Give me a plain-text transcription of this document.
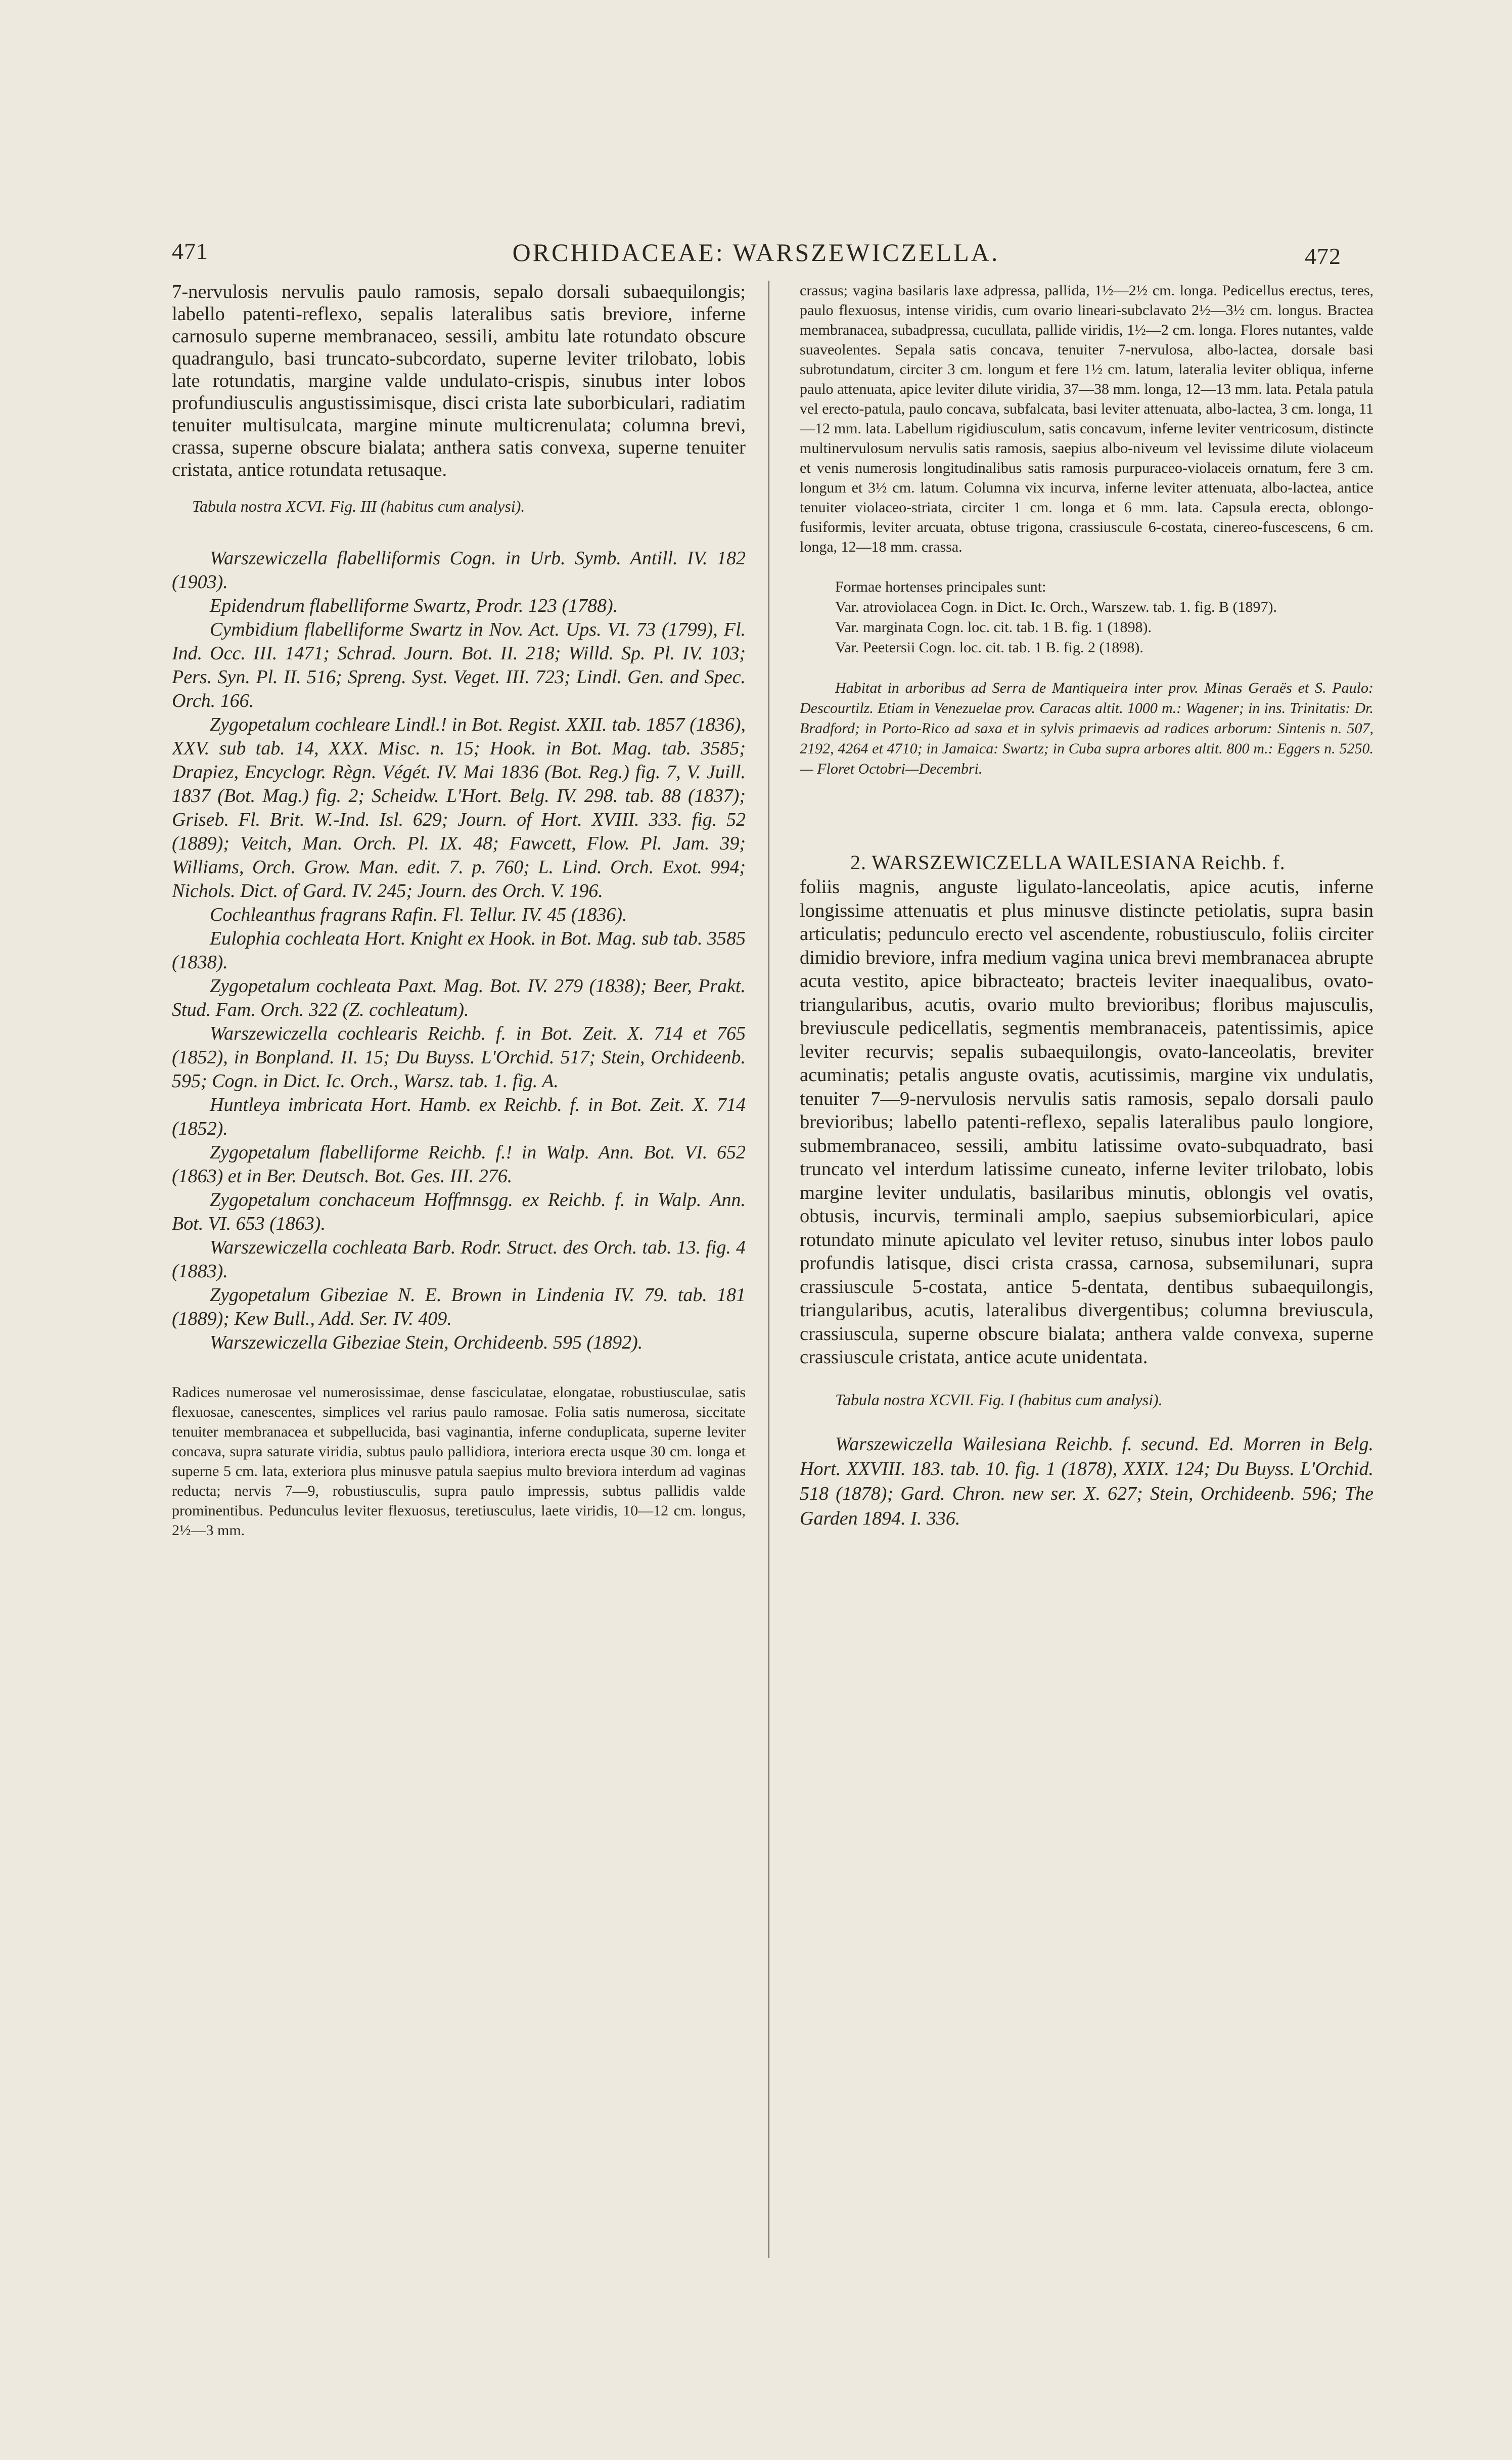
471	ORCHIDACEAE: WARSZEWICZELLA.	472

7-nervulosis nervulis paulo ramosis, sepalo dorsali subaequilongis; labello patenti-reflexo, sepalis lateralibus satis breviore, inferne carnosulo superne membranaceo, sessili, ambitu late rotundato obscure quadrangulo, basi truncato-subcordato, superne leviter trilobato, lobis late rotundatis, margine valde undulato-crispis, sinubus inter lobos profundiusculis angustissimisque, disci crista late suborbiculari, radiatim tenuiter multisulcata, margine minute multicrenulata; columna brevi, crassa, superne obscure bialata; anthera satis convexa, superne tenuiter cristata, antice rotundata retusaque.

Tabula nostra XCVI. Fig. III (habitus cum analysi).

Warszewiczella flabelliformis Cogn. in Urb. Symb. Antill. IV. 182 (1903).

Epidendrum flabelliforme Swartz, Prodr. 123 (1788).

Cymbidium flabelliforme Swartz in Nov. Act. Ups. VI. 73 (1799), Fl. Ind. Occ. III. 1471; Schrad. Journ. Bot. II. 218; Willd. Sp. Pl. IV. 103; Pers. Syn. Pl. II. 516; Spreng. Syst. Veget. III. 723; Lindl. Gen. and Spec. Orch. 166.

Zygopetalum cochleare Lindl.! in Bot. Regist. XXII. tab. 1857 (1836), XXV. sub tab. 14, XXX. Misc. n. 15; Hook. in Bot. Mag. tab. 3585; Drapiez, Encyclogr. Règn. Végét. IV. Mai 1836 (Bot. Reg.) fig. 7, V. Juill. 1837 (Bot. Mag.) fig. 2; Scheidw. L'Hort. Belg. IV. 298. tab. 88 (1837); Griseb. Fl. Brit. W.-Ind. Isl. 629; Journ. of Hort. XVIII. 333. fig. 52 (1889); Veitch, Man. Orch. Pl. IX. 48; Fawcett, Flow. Pl. Jam. 39; Williams, Orch. Grow. Man. edit. 7. p. 760; L. Lind. Orch. Exot. 994; Nichols. Dict. of Gard. IV. 245; Journ. des Orch. V. 196.

Cochleanthus fragrans Rafin. Fl. Tellur. IV. 45 (1836).

Eulophia cochleata Hort. Knight ex Hook. in Bot. Mag. sub tab. 3585 (1838).

Zygopetalum cochleata Paxt. Mag. Bot. IV. 279 (1838); Beer, Prakt. Stud. Fam. Orch. 322 (Z. cochleatum).

Warszewiczella cochlearis Reichb. f. in Bot. Zeit. X. 714 et 765 (1852), in Bonpland. II. 15; Du Buyss. L'Orchid. 517; Stein, Orchideenb. 595; Cogn. in Dict. Ic. Orch., Warsz. tab. 1. fig. A.

Huntleya imbricata Hort. Hamb. ex Reichb. f. in Bot. Zeit. X. 714 (1852).

Zygopetalum flabelliforme Reichb. f.! in Walp. Ann. Bot. VI. 652 (1863) et in Ber. Deutsch. Bot. Ges. III. 276.

Zygopetalum conchaceum Hoffmnsgg. ex Reichb. f. in Walp. Ann. Bot. VI. 653 (1863).

Warszewiczella cochleata Barb. Rodr. Struct. des Orch. tab. 13. fig. 4 (1883).

Zygopetalum Gibeziae N. E. Brown in Lindenia IV. 79. tab. 181 (1889); Kew Bull., Add. Ser. IV. 409.

Warszewiczella Gibeziae Stein, Orchideenb. 595 (1892).

Radices numerosae vel numerosissimae, dense fasciculatae, elongatae, robustiusculae, satis flexuosae, canescentes, simplices vel rarius paulo ramosae. Folia satis numerosa, siccitate tenuiter membranacea et subpellucida, basi vaginantia, inferne conduplicata, superne leviter concava, supra saturate viridia, subtus paulo pallidiora, interiora erecta usque 30 cm. longa et superne 5 cm. lata, exteriora plus minusve patula saepius multo breviora interdum ad vaginas reducta; nervis 7—9, robustiusculis, supra paulo impressis, subtus pallidis valde prominentibus. Pedunculus leviter flexuosus, teretiusculus, laete viridis, 10—12 cm. longus, 2½—3 mm.

crassus; vagina basilaris laxe adpressa, pallida, 1½—2½ cm. longa. Pedicellus erectus, teres, paulo flexuosus, intense viridis, cum ovario lineari-subclavato 2½—3½ cm. longus. Bractea membranacea, subadpressa, cucullata, pallide viridis, 1½—2 cm. longa. Flores nutantes, valde suaveolentes. Sepala satis concava, tenuiter 7-nervulosa, albo-lactea, dorsale basi subrotundatum, circiter 3 cm. longum et fere 1½ cm. latum, lateralia leviter obliqua, inferne paulo attenuata, apice leviter dilute viridia, 37—38 mm. longa, 12—13 mm. lata. Petala patula vel erecto-patula, paulo concava, subfalcata, basi leviter attenuata, albo-lactea, 3 cm. longa, 11—12 mm. lata. Labellum rigidiusculum, satis concavum, inferne leviter ventricosum, distincte multinervulosum nervulis satis ramosis, saepius albo-niveum vel levissime dilute violaceum et venis numerosis longitudinalibus satis ramosis purpuraceo-violaceis ornatum, fere 3 cm. longum et 3½ cm. latum. Columna vix incurva, inferne leviter attenuata, albo-lactea, antice tenuiter violaceo-striata, circiter 1 cm. longa et 6 mm. lata. Capsula erecta, oblongo-fusiformis, leviter arcuata, obtuse trigona, crassiuscule 6-costata, cinereo-fuscescens, 6 cm. longa, 12—18 mm. crassa.

Formae hortenses principales sunt:

Var. atroviolacea Cogn. in Dict. Ic. Orch., Warszew. tab. 1. fig. B (1897).

Var. marginata Cogn. loc. cit. tab. 1 B. fig. 1 (1898).

Var. Peetersii Cogn. loc. cit. tab. 1 B. fig. 2 (1898).

Habitat in arboribus ad Serra de Mantiqueira inter prov. Minas Geraës et S. Paulo: Descourtilz. Etiam in Venezuelae prov. Caracas altit. 1000 m.: Wagener; in ins. Trinitatis: Dr. Bradford; in Porto-Rico ad saxa et in sylvis primaevis ad radices arborum: Sintenis n. 507, 2192, 4264 et 4710; in Jamaica: Swartz; in Cuba supra arbores altit. 800 m.: Eggers n. 5250. — Floret Octobri—Decembri.

2. WARSZEWICZELLA WAILESIANA Reichb. f.

foliis magnis, anguste ligulato-lanceolatis, apice acutis, inferne longissime attenuatis et plus minusve distincte petiolatis, supra basin articulatis; pedunculo erecto vel ascendente, robustiusculo, foliis circiter dimidio breviore, infra medium vagina unica brevi membranacea abrupte acuta vestito, apice bibracteato; bracteis leviter inaequalibus, ovato-triangularibus, acutis, ovario multo brevioribus; floribus majusculis, breviuscule pedicellatis, segmentis membranaceis, patentissimis, apice leviter recurvis; sepalis subaequilongis, ovato-lanceolatis, breviter acuminatis; petalis anguste ovatis, acutissimis, margine vix undulatis, tenuiter 7—9-nervulosis nervulis satis ramosis, sepalo dorsali paulo brevioribus; labello patenti-reflexo, sepalis lateralibus paulo longiore, submembranaceo, sessili, ambitu latissime ovato-subquadrato, basi truncato vel interdum latissime cuneato, inferne leviter trilobato, lobis margine leviter undulatis, basilaribus minutis, oblongis vel ovatis, obtusis, incurvis, terminali amplo, saepius subsemiorbiculari, apice rotundato minute apiculato vel leviter retuso, sinubus inter lobos paulo profundis latisque, disci crista crassa, carnosa, subsemilunari, supra crassiuscule 5-costata, antice 5-dentata, dentibus subaequilongis, triangularibus, acutis, lateralibus divergentibus; columna breviuscula, crassiuscula, superne obscure bialata; anthera valde convexa, superne crassiuscule cristata, antice acute unidentata.

Tabula nostra XCVII. Fig. I (habitus cum analysi).

Warszewiczella Wailesiana Reichb. f. secund. Ed. Morren in Belg. Hort. XXVIII. 183. tab. 10. fig. 1 (1878), XXIX. 124; Du Buyss. L'Orchid. 518 (1878); Gard. Chron. new ser. X. 627; Stein, Orchideenb. 596; The Garden 1894. I. 336.
